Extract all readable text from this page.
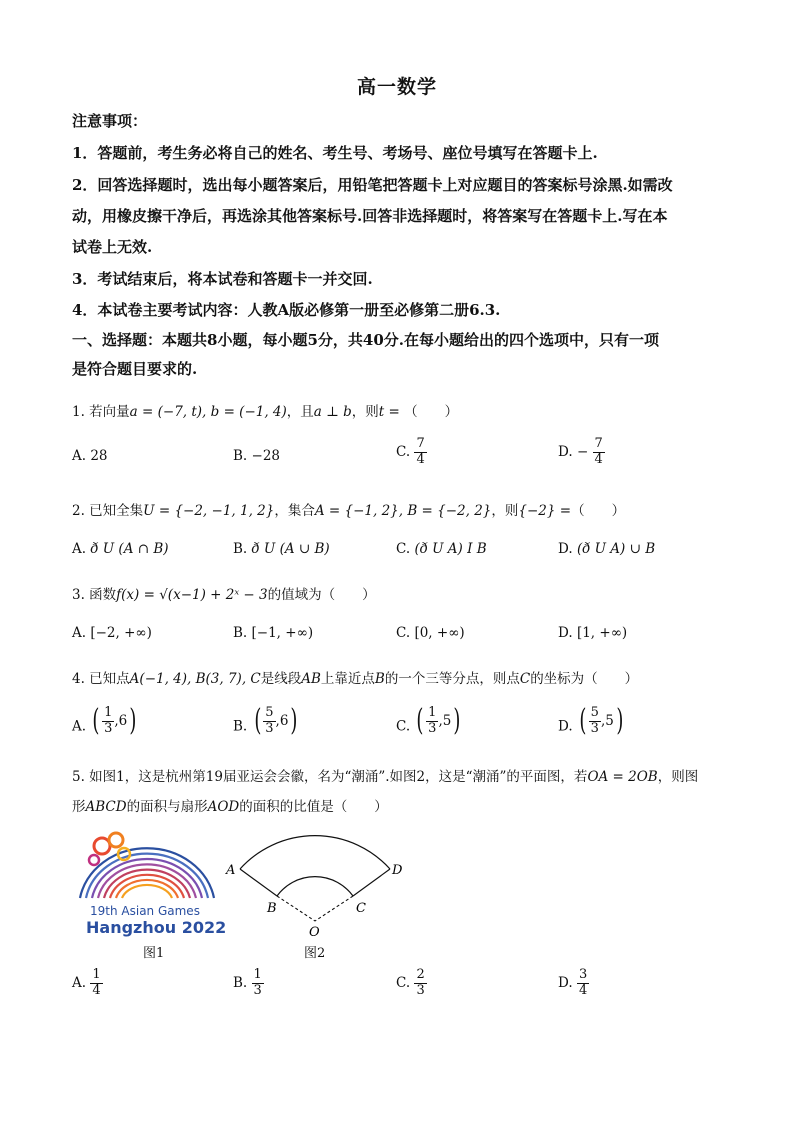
高一数学
注意事项：
1．答题前，考生务必将自己的姓名、考生号、考场号、座位号填写在答题卡上.
2．回答选择题时，选出每小题答案后，用铅笔把答题卡上对应题目的答案标号涂黑.如需改
动，用橡皮擦干净后，再选涂其他答案标号.回答非选择题时，将答案写在答题卡上.写在本
试卷上无效.
3．考试结束后，将本试卷和答题卡一并交回.
4．本试卷主要考试内容：人教A版必修第一册至必修第二册6.3.
一、选择题：本题共8小题，每小题5分，共40分.在每小题给出的四个选项中，只有一项
是符合题目要求的.
1. 若向量a = (−7, t), b = (−1, 4)，且a ⊥ b，则t = （　　）
A. 28	B. −28	C. $\frac{7}{4}$	D. − $\frac{7}{4}$
2. 已知全集U = {−2, −1, 1, 2}，集合A = {−1, 2}, B = {−2, 2}，则{−2} =（　　）
A. ð U (A ∩ B)	B. ð U (A ∪ B)	C. (ð U A) I B	D. (ð U A) ∪ B
3. 函数f(x) = √(x−1) + 2ˣ − 3的值域为（　　）
A. [−2, +∞)	B. [−1, +∞)	C. [0, +∞)	D. [1, +∞)
4. 已知点A(−1, 4), B(3, 7), C是线段AB上靠近点B的一个三等分点，则点C的坐标为（　　）
A. ( $\frac{1}{3}$ , 6 )	B. ( $\frac{5}{3}$ , 6 )	C. ( $\frac{1}{3}$ , 5 )	D. ( $\frac{5}{3}$ , 5 )
5. 如图1，这是杭州第19届亚运会会徽，名为“潮涌”.如图2，这是“潮涌”的平面图，若OA = 2OB，则图
形ABCD的面积与扇形AOD的面积的比值是（　　）
19th Asian Games
Hangzhou 2022
图1
A
B	C
D
O
图2
A. $\frac{1}{4}$	B. $\frac{1}{3}$	C. $\frac{2}{3}$	D. $\frac{3}{4}$
